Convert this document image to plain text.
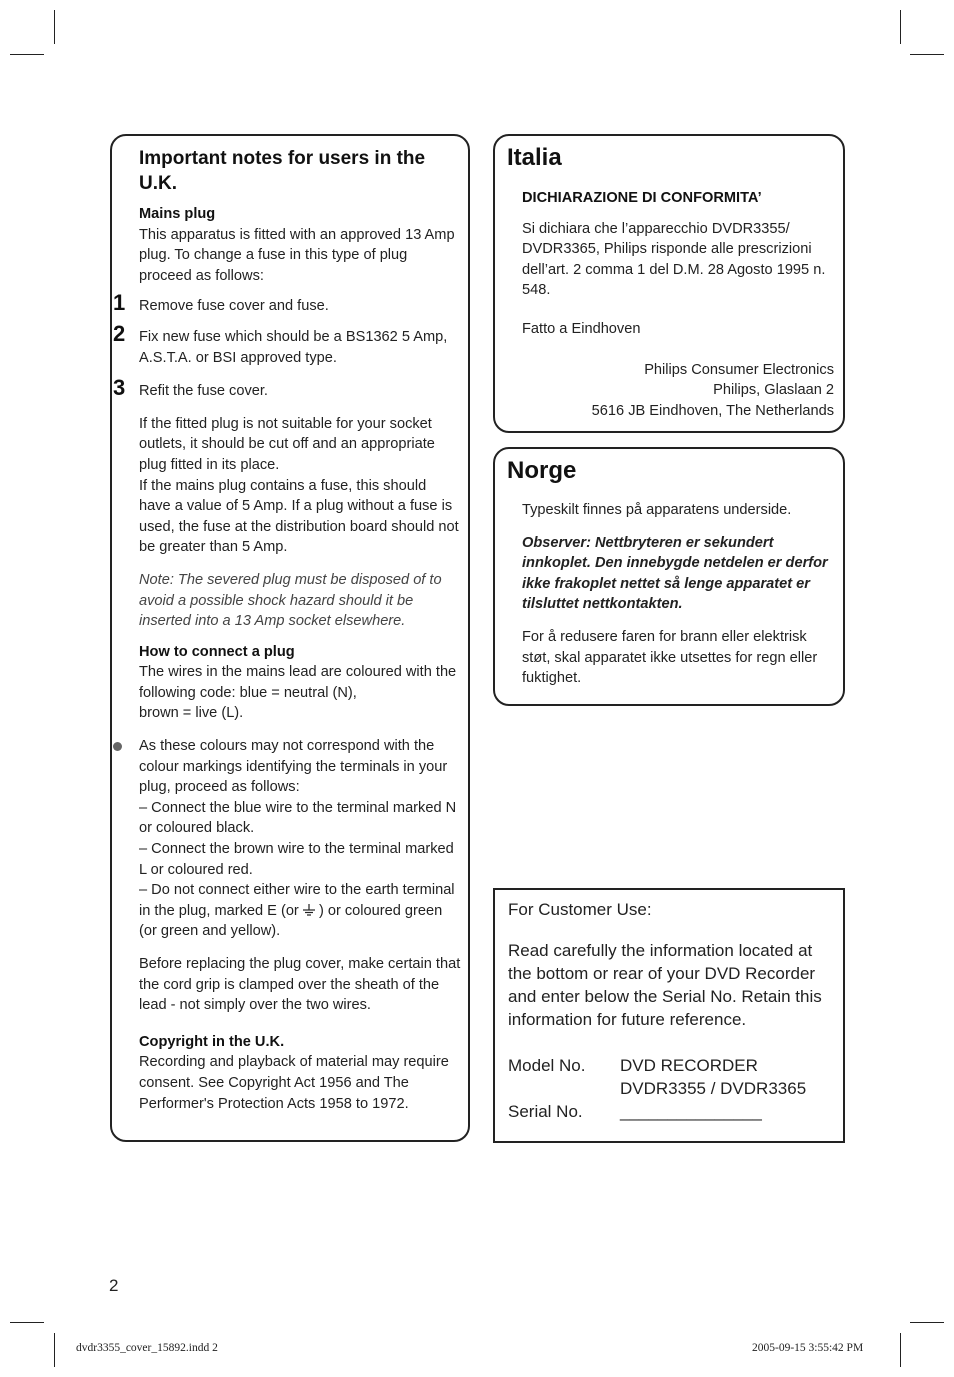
Important notes for users in the U.K.
Mains plug

This apparatus is fitted with an approved 13 Amp plug. To change a fuse in this type of plug proceed as follows:

1 Remove fuse cover and fuse.

2 Fix new fuse which should be a BS1362 5 Amp, A.S.T.A. or BSI approved type.

3 Refit the fuse cover.

If the fitted plug is not suitable for your socket outlets, it should be cut off and an appropriate plug fitted in its place.

If the mains plug contains a fuse, this should have a value of 5 Amp. If a plug without a fuse is used, the fuse at the distribution board should not be greater than 5 Amp.

Note: The severed plug must be disposed of to avoid a possible shock hazard should it be inserted into a 13 Amp socket elsewhere.

How to connect a plug

The wires in the mains lead are coloured with the following code: blue = neutral (N),

brown = live (L).

As these colours may not correspond with the colour markings identifying the terminals in your plug, proceed as follows:

– Connect the blue wire to the terminal marked N or coloured black.

– Connect the brown wire to the terminal marked L or coloured red.

– Do not connect either wire to the earth terminal in the plug, marked E (or ) or coloured green (or green and yellow).

Before replacing the plug cover, make certain that the cord grip is clamped over the sheath of the lead - not simply over the two wires.

Copyright in the U.K.

Recording and playback of material may require consent. See Copyright Act 1956 and The Performer's Protection Acts 1958 to 1972.

Italia
DICHIARAZIONE DI CONFORMITA’

Si dichiara che l’apparecchio DVDR3355/ DVDR3365, Philips risponde alle prescrizioni dell’art. 2 comma 1 del D.M. 28 Agosto 1995 n. 548.

Fatto a Eindhoven

Philips Consumer Electronics

Philips, Glaslaan 2

5616 JB Eindhoven, The Netherlands

Norge

Typeskilt finnes på apparatens underside.

Observer: Nettbryteren er sekundert innkoplet. Den innebygde netdelen er derfor ikke frakoplet nettet så lenge apparatet er tilsluttet nettkontakten.

For å redusere faren for brann eller elektrisk støt, skal apparatet ikke utsettes for regn eller fuktighet.

For Customer Use:

Read carefully the information located at the bottom or rear of your DVD Recorder and enter below the Serial No. Retain this information for future reference.

Model No.	DVD RECORDER
DVDR3355 / DVDR3365
Serial No.	_______________
2
dvdr3355_cover_15892.indd 2	2005-09-15 3:55:42 PM
